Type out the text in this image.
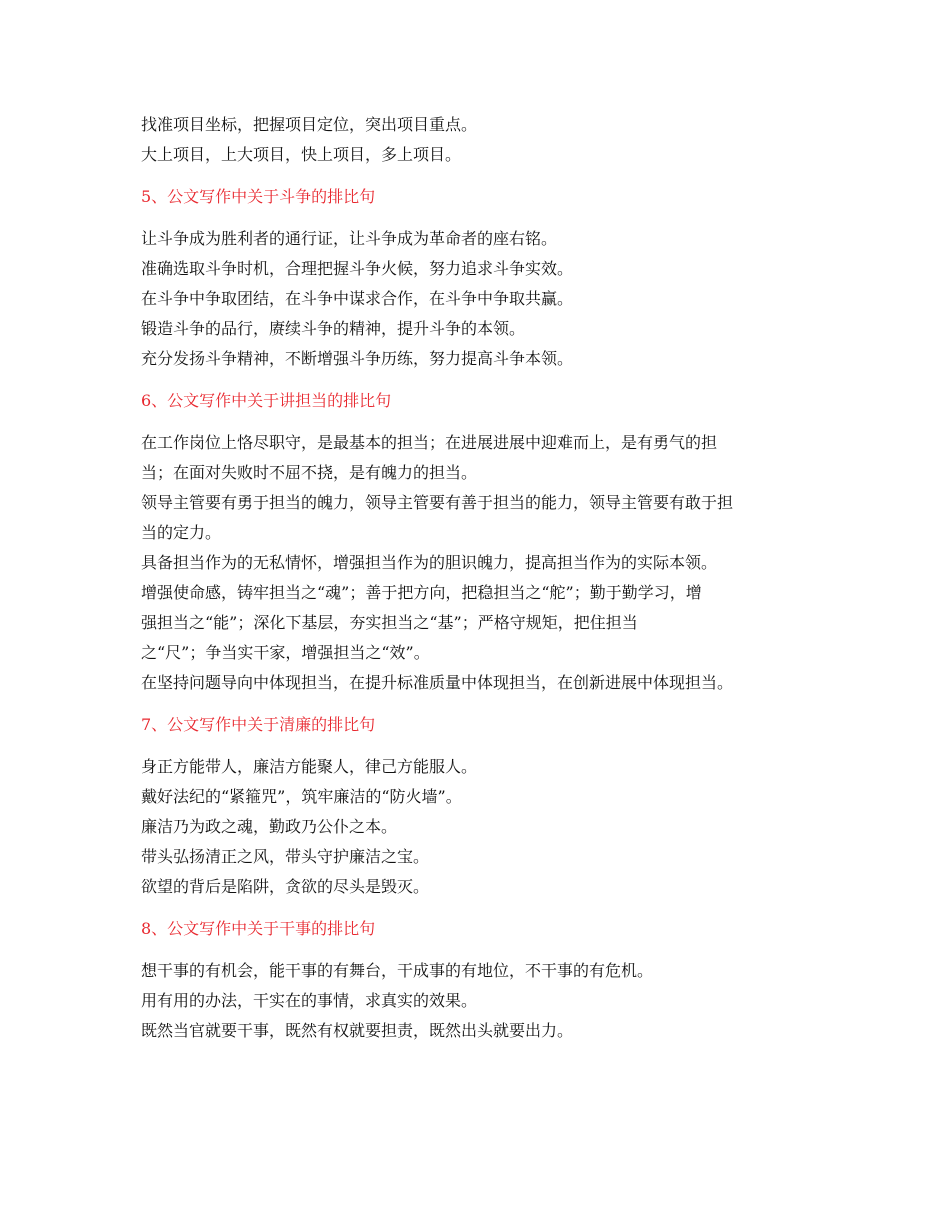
找准项目坐标，把握项目定位，突出项目重点。
大上项目，上大项目，快上项目，多上项目。
5、公文写作中关于斗争的排比句
让斗争成为胜利者的通行证，让斗争成为革命者的座右铭。
准确选取斗争时机，合理把握斗争火候，努力追求斗争实效。
在斗争中争取团结，在斗争中谋求合作，在斗争中争取共赢。
锻造斗争的品行，赓续斗争的精神，提升斗争的本领。
充分发扬斗争精神，不断增强斗争历练，努力提高斗争本领。
6、公文写作中关于讲担当的排比句
在工作岗位上恪尽职守，是最基本的担当；在进展进展中迎难而上，是有勇气的担
当；在面对失败时不屈不挠，是有魄力的担当。
领导主管要有勇于担当的魄力，领导主管要有善于担当的能力，领导主管要有敢于担
当的定力。
具备担当作为的无私情怀，增强担当作为的胆识魄力，提高担当作为的实际本领。
增强使命感，铸牢担当之“魂”；善于把方向，把稳担当之“舵”；勤于勤学习，增
强担当之“能”；深化下基层，夯实担当之“基”；严格守规矩，把住担当
之“尺”；争当实干家，增强担当之“效”。
在坚持问题导向中体现担当，在提升标准质量中体现担当，在创新进展中体现担当。
7、公文写作中关于清廉的排比句
身正方能带人，廉洁方能聚人，律己方能服人。
戴好法纪的“紧箍咒”，筑牢廉洁的“防火墙”。
廉洁乃为政之魂，勤政乃公仆之本。
带头弘扬清正之风，带头守护廉洁之宝。
欲望的背后是陷阱，贪欲的尽头是毁灭。
8、公文写作中关于干事的排比句
想干事的有机会，能干事的有舞台，干成事的有地位，不干事的有危机。
用有用的办法，干实在的事情，求真实的效果。
既然当官就要干事，既然有权就要担责，既然出头就要出力。
